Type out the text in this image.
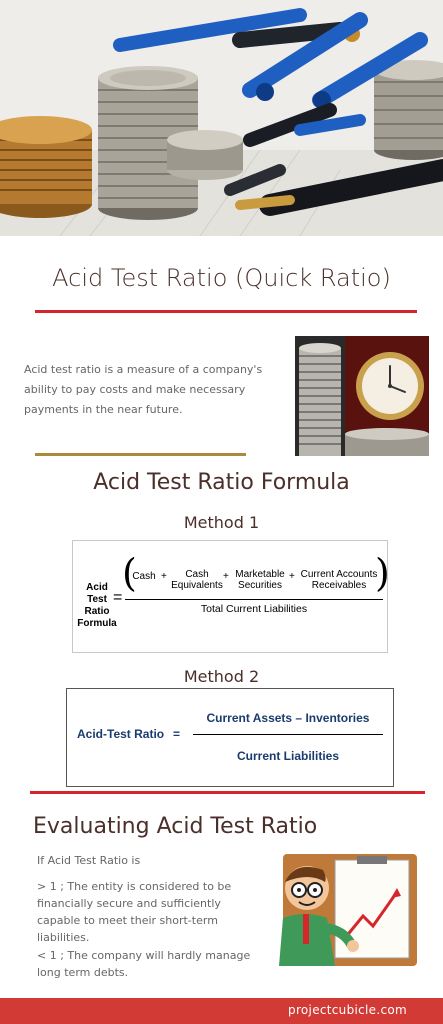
Acid Test Ratio (Quick Ratio)
Acid test ratio is a measure of a company's ability to pay costs and make necessary payments in the near future.
Acid Test Ratio Formula
Method 1
Acid Test
Ratio
Formula
=
(	)
Cash +	Cash
Equivalents
+ Marketable
Securities
+ Current Accounts
Receivables
Total Current Liabilities
Method 2
Acid-Test Ratio =
Current Assets – Inventories
Current Liabilities
Evaluating Acid Test Ratio
If Acid Test Ratio is
> 1 ; The entity is considered to be financially secure and sufficiently capable to meet their short-term liabilities.
< 1 ; The company will hardly manage long term debts.
projectcubicle.com
